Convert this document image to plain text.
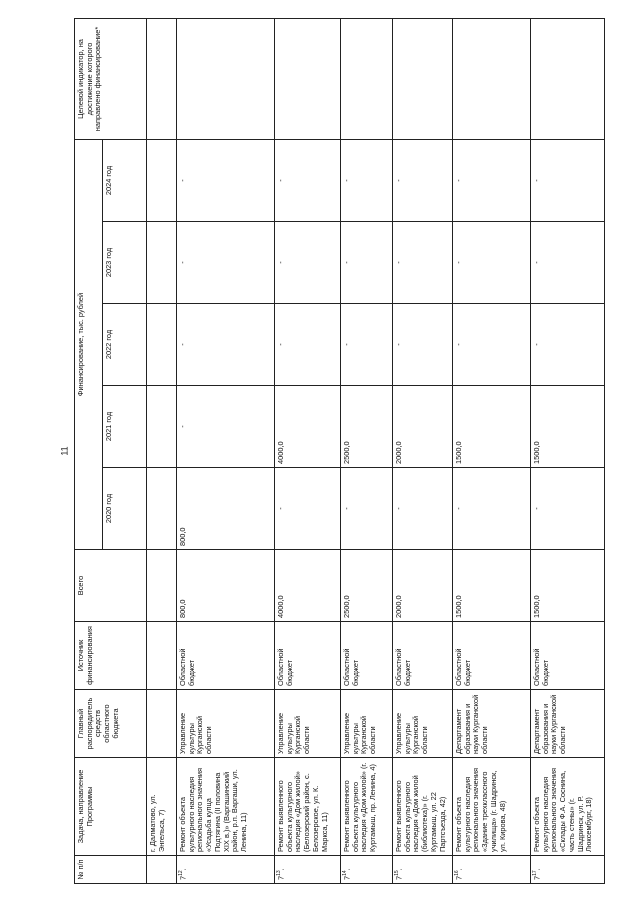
11
№ п/п	Задача, направление Программы	Главный распорядитель средств областного бюджета	Источник финансирования	Всего	Финансирование, тыс. рублей					Целевой индикатор, на достижение которого направлено финансирование*
					2020 год	2021 год	2022 год	2023 год	2024 год	
	г. Далматово, ул. Энгельса, 7)									
$7^{12}$.	Ремонт объекта культурного наследия регионального значения «Усадьба купца Подтягина (II половина XIX в.)» (Варгашинский район, р.п. Варгаши, ул. Ленина, 11)	Управление культуры Курганской области	Областной бюджет	800,0	800,0	-	-	-	-	
$7^{13}$.	Ремонт выявленного объекта культурного наследия «Дом жилой» (Белозерский район, с. Белозерское, ул. К. Маркса, 11)	Управление культуры Курганской области	Областной бюджет	4000,0	-	4000,0	-	-	-	
$7^{14}$.	Ремонт выявленного объекта культурного наследия «Дом жилой» (г. Куртамыш, пр. Ленина, 4)	Управление культуры Курганской области	Областной бюджет	2500,0	-	2500,0	-	-	-	
$7^{15}$.	Ремонт выявленного объекта культурного наследия «Дом жилой (библиотека)» (г. Куртамыш, ул. 22 Партсъезда, 42)	Управление культуры Курганской области	Областной бюджет	2000,0	-	2000,0	-	-	-	
$7^{16}$.	Ремонт объекта культурного наследия регионального значения «Здание трехклассного училища» (г. Шадринск, ул. Кирова, 48)	Департамент образования и науки Курганской области	Областной бюджет	1500,0	-	1500,0	-	-	-	
$7^{17}$.	Ремонт объекта культурного наследия регионального значения «Склады Ф.А. Соснина, часть стены» (г. Шадринск, ул. Р. Люксембург, 18)	Департамент образования и науки Курганской области	Областной бюджет	1500,0	-	1500,0	-	-	-	
